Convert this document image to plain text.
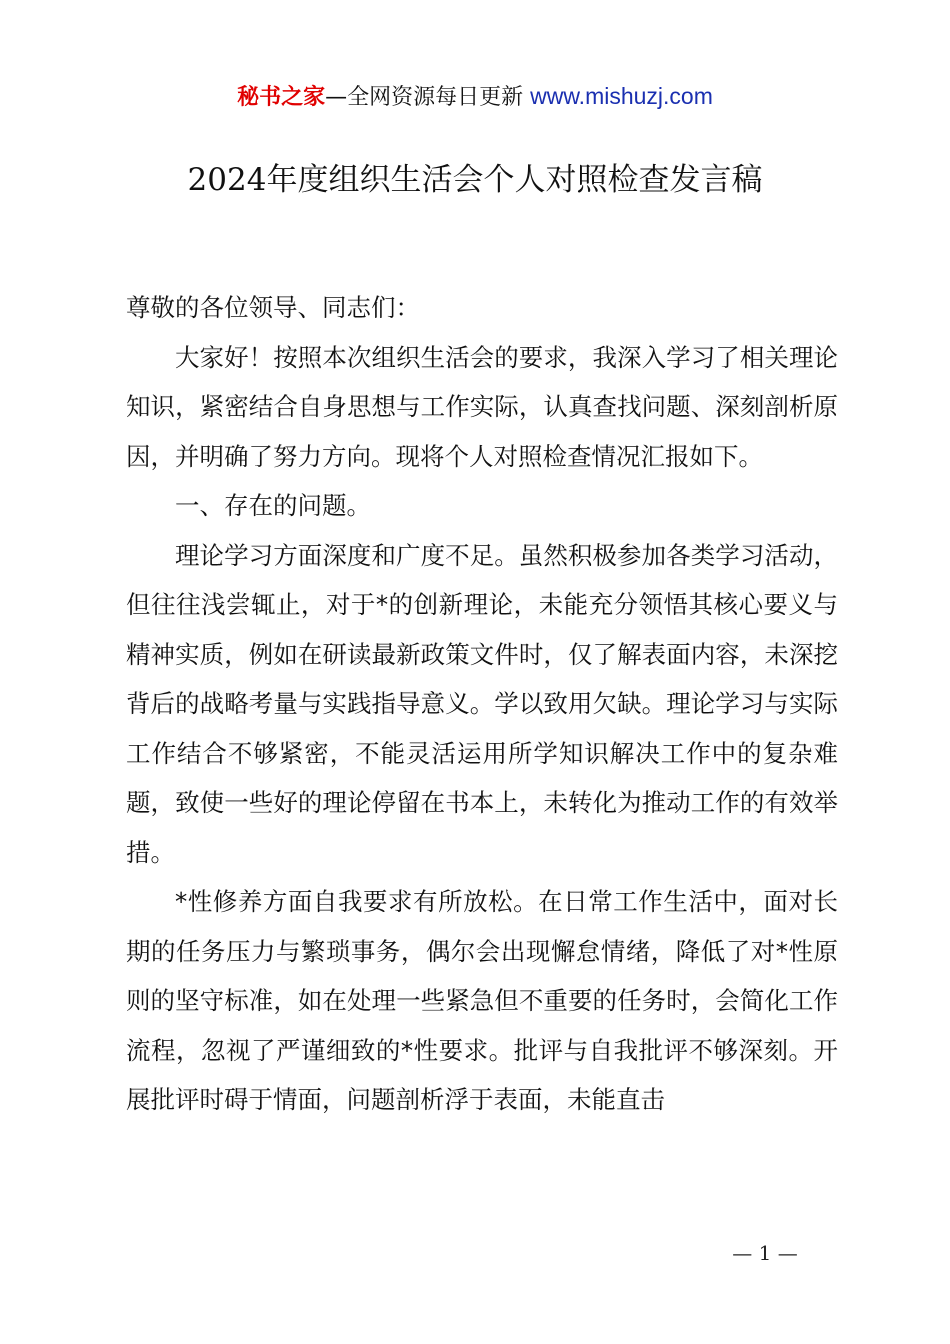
秘书之家—全网资源每日更新 www.mishuzj.com
2024年度组织生活会个人对照检查发言稿

尊敬的各位领导、同志们：

大家好！按照本次组织生活会的要求，我深入学习了相关理论知识，紧密结合自身思想与工作实际，认真查找问题、深刻剖析原因，并明确了努力方向。现将个人对照检查情况汇报如下。

一、存在的问题。

理论学习方面深度和广度不足。虽然积极参加各类学习活动，但往往浅尝辄止，对于*的创新理论，未能充分领悟其核心要义与精神实质，例如在研读最新政策文件时，仅了解表面内容，未深挖背后的战略考量与实践指导意义。学以致用欠缺。理论学习与实际工作结合不够紧密，不能灵活运用所学知识解决工作中的复杂难题，致使一些好的理论停留在书本上，未转化为推动工作的有效举措。

*性修养方面自我要求有所放松。在日常工作生活中，面对长期的任务压力与繁琐事务，偶尔会出现懈怠情绪，降低了对*性原则的坚守标准，如在处理一些紧急但不重要的任务时，会简化工作流程，忽视了严谨细致的*性要求。批评与自我批评不够深刻。开展批评时碍于情面，问题剖析浮于表面，未能直击

— 1 —
